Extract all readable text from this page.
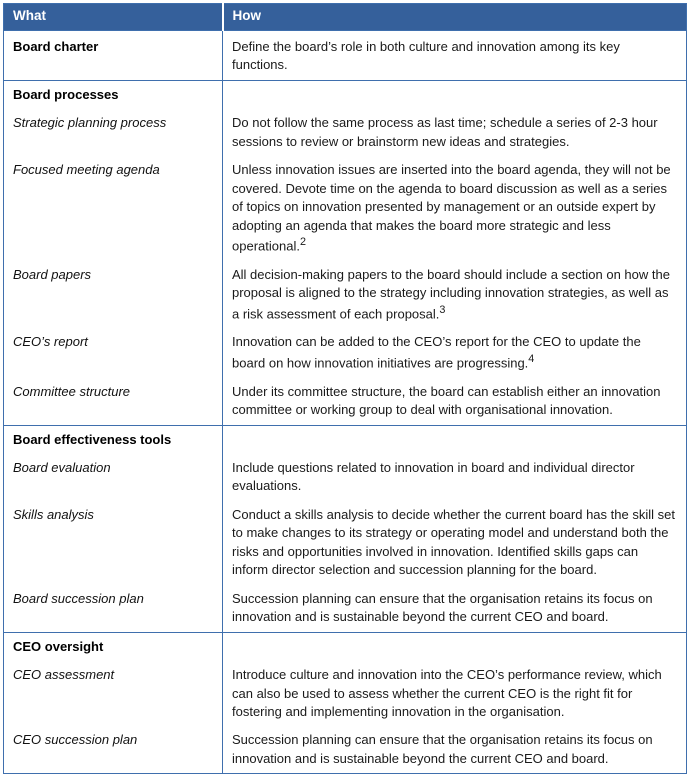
What	How
Board charter	Define the board’s role in both culture and innovation among its key functions.
Board processes	
Strategic planning process	Do not follow the same process as last time; schedule a series of 2-3 hour sessions to review or brainstorm new ideas and strategies.
Focused meeting agenda	Unless innovation issues are inserted into the board agenda, they will not be covered. Devote time on the agenda to board discussion as well as a series of topics on innovation presented by management or an outside expert by adopting an agenda that makes the board more strategic and less operational.$^2$
Board papers	All decision-making papers to the board should include a section on how the proposal is aligned to the strategy including innovation strategies, as well as a risk assessment of each proposal.$^3$
CEO’s report	Innovation can be added to the CEO’s report for the CEO to update the board on how innovation initiatives are progressing.$^4$
Committee structure	Under its committee structure, the board can establish either an innovation committee or working group to deal with organisational innovation.
Board effectiveness tools	
Board evaluation	Include questions related to innovation in board and individual director evaluations.
Skills analysis	Conduct a skills analysis to decide whether the current board has the skill set to make changes to its strategy or operating model and understand both the risks and opportunities involved in innovation. Identified skills gaps can inform director selection and succession planning for the board.
Board succession plan	Succession planning can ensure that the organisation retains its focus on innovation and is sustainable beyond the current CEO and board.
CEO oversight	
CEO assessment	Introduce culture and innovation into the CEO’s performance review, which can also be used to assess whether the current CEO is the right fit for fostering and implementing innovation in the organisation.
CEO succession plan	Succession planning can ensure that the organisation retains its focus on innovation and is sustainable beyond the current CEO and board.
